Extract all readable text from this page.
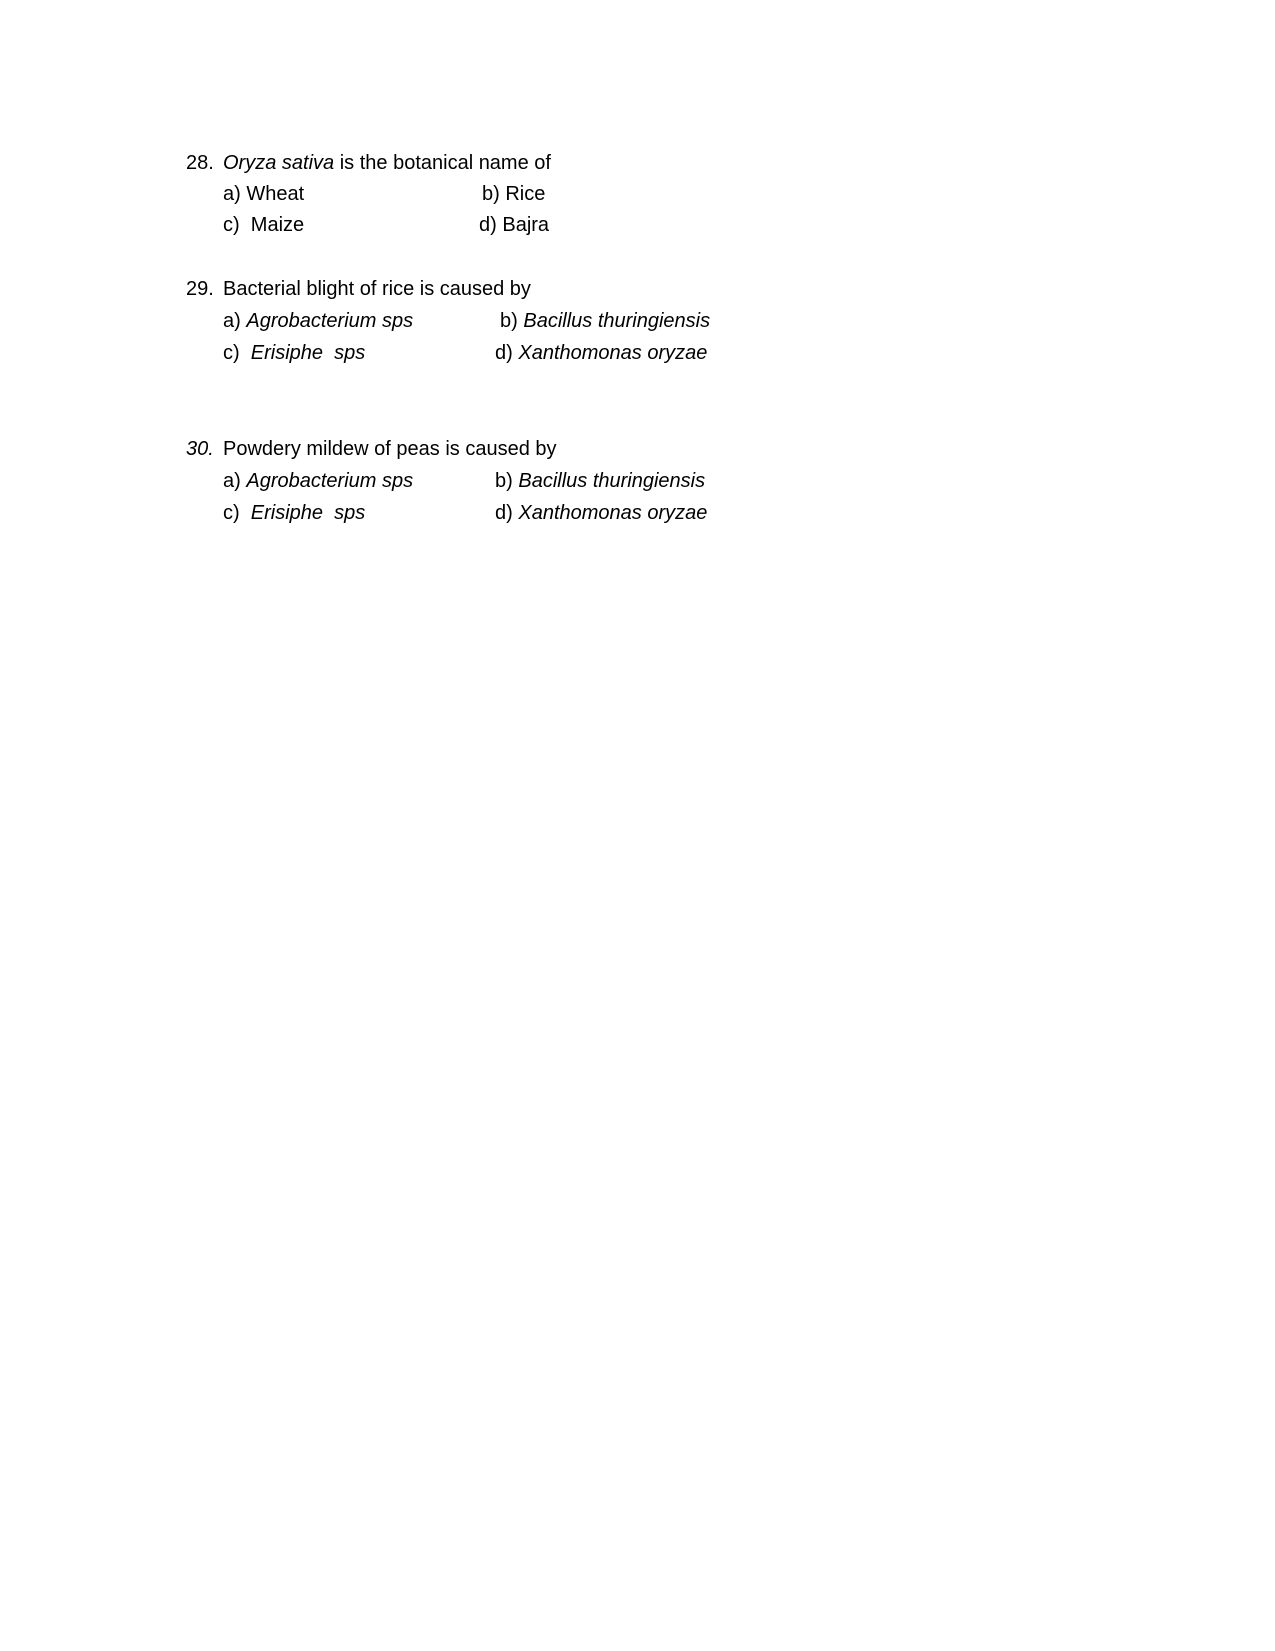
28. Oryza sativa is the botanical name of
a) Wheat	b) Rice
c) Maize	d) Bajra
29. Bacterial blight of rice is caused by
a) Agrobacterium sps	b) Bacillus thuringiensis
c) Erisiphe  sps	d) Xanthomonas oryzae
30. Powdery mildew of peas is caused by
a) Agrobacterium sps	b) Bacillus thuringiensis
c) Erisiphe  sps	d) Xanthomonas oryzae
